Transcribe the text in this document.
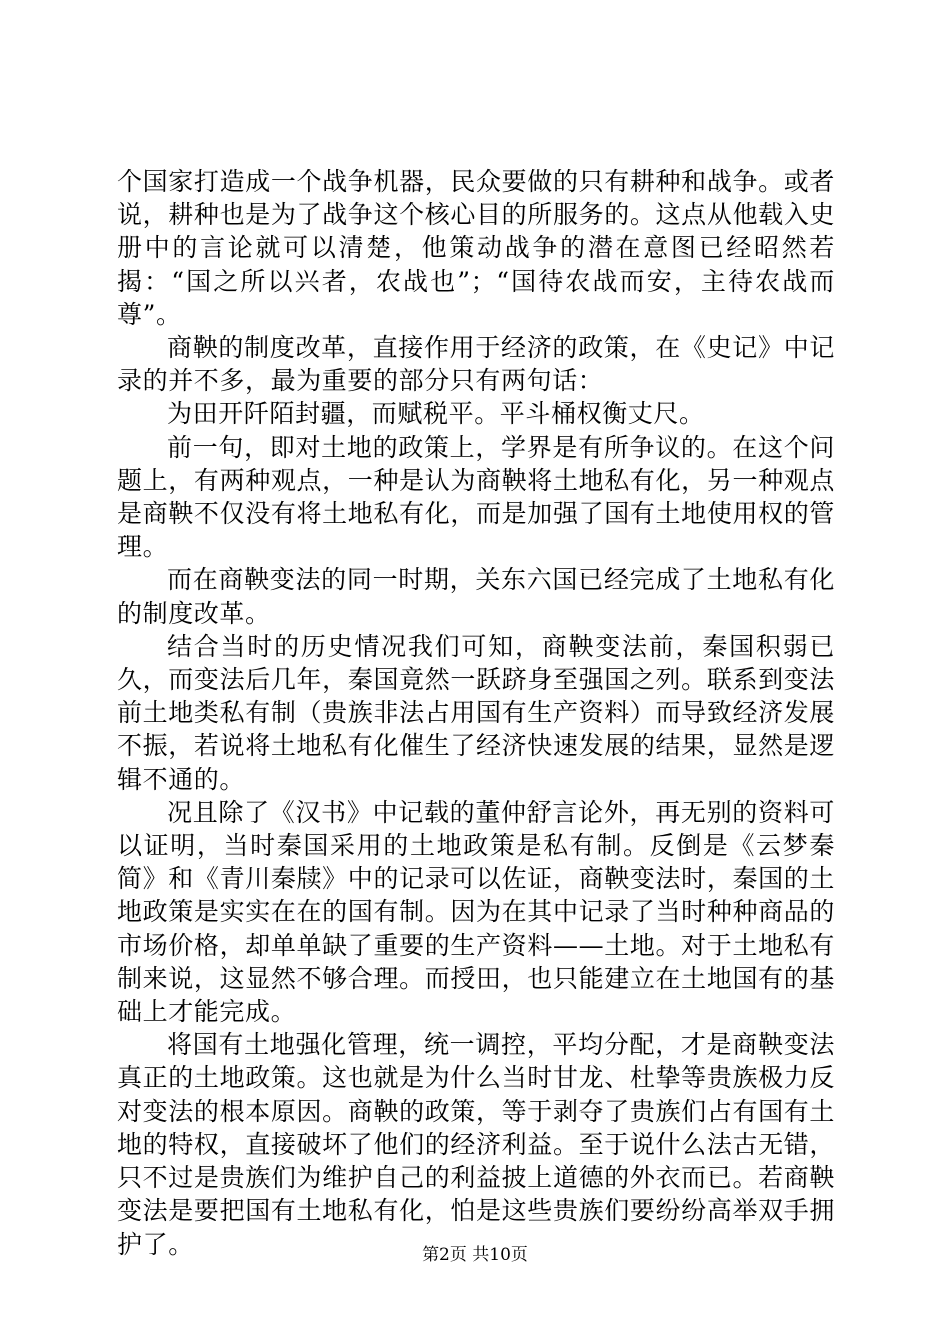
个国家打造成一个战争机器，民众要做的只有耕种和战争。或者说，耕种也是为了战争这个核心目的所服务的。这点从他载入史册中的言论就可以清楚，他策动战争的潜在意图已经昭然若揭：“国之所以兴者，农战也”；“国待农战而安，主待农战而尊”。

商鞅的制度改革，直接作用于经济的政策，在《史记》中记录的并不多，最为重要的部分只有两句话：

为田开阡陌封疆，而赋税平。平斗桶权衡丈尺。

前一句，即对土地的政策上，学界是有所争议的。在这个问题上，有两种观点，一种是认为商鞅将土地私有化，另一种观点是商鞅不仅没有将土地私有化，而是加强了国有土地使用权的管理。

而在商鞅变法的同一时期，关东六国已经完成了土地私有化的制度改革。

结合当时的历史情况我们可知，商鞅变法前，秦国积弱已久，而变法后几年，秦国竟然一跃跻身至强国之列。联系到变法前土地类私有制（贵族非法占用国有生产资料）而导致经济发展不振，若说将土地私有化催生了经济快速发展的结果，显然是逻辑不通的。

况且除了《汉书》中记载的董仲舒言论外，再无别的资料可以证明，当时秦国采用的土地政策是私有制。反倒是《云梦秦简》和《青川秦牍》中的记录可以佐证，商鞅变法时，秦国的土地政策是实实在在的国有制。因为在其中记录了当时种种商品的市场价格，却单单缺了重要的生产资料——土地。对于土地私有制来说，这显然不够合理。而授田，也只能建立在土地国有的基础上才能完成。

将国有土地强化管理，统一调控，平均分配，才是商鞅变法真正的土地政策。这也就是为什么当时甘龙、杜挚等贵族极力反对变法的根本原因。商鞅的政策，等于剥夺了贵族们占有国有土地的特权，直接破坏了他们的经济利益。至于说什么法古无错，只不过是贵族们为维护自己的利益披上道德的外衣而已。若商鞅变法是要把国有土地私有化，怕是这些贵族们要纷纷高举双手拥护了。	第2页 共10页
